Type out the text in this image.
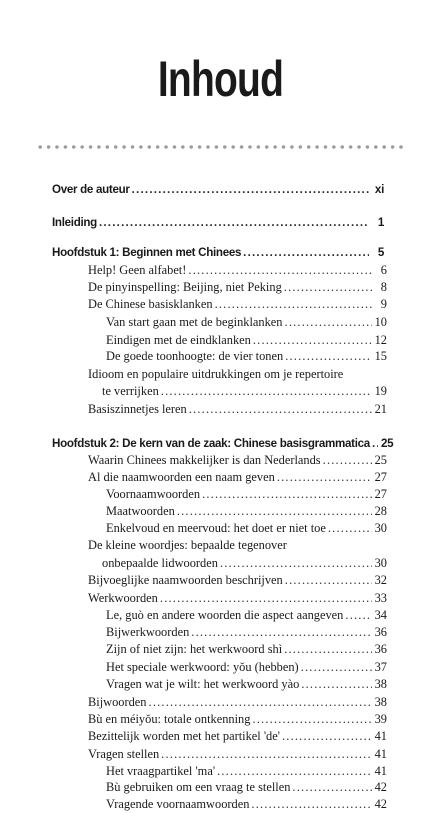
Inhoud
Over de auteur .....	xi
Inleiding .....	1
Hoofdstuk 1: Beginnen met Chinees .....	5
Help! Geen alfabet! .....	6
De pinyinspelling: Beijing, niet Peking .....	8
De Chinese basisklanken .....	9
Van start gaan met de beginklanken .....	10
Eindigen met de eindklanken .....	12
De goede toonhoogte: de vier tonen .....	15
Idioom en populaire uitdrukkingen om je repertoire
te verrijken .....	19
Basiszinnetjes leren .....	21
Hoofdstuk 2: De kern van de zaak: Chinese basisgrammatica ..... 25
Waarin Chinees makkelijker is dan Nederlands .....	25
Al die naamwoorden een naam geven .....	27
Voornaamwoorden .....	27
Maatwoorden .....	28
Enkelvoud en meervoud: het doet er niet toe .....	30
De kleine woordjes: bepaalde tegenover
onbepaalde lidwoorden .....	30
Bijvoeglijke naamwoorden beschrijven .....	32
Werkwoorden .....	33
Le, guò en andere woorden die aspect aangeven .....	34
Bijwerkwoorden .....	36
Zijn of niet zijn: het werkwoord shì .....	36
Het speciale werkwoord: yǒu (hebben) .....	37
Vragen wat je wilt: het werkwoord yào .....	38
Bijwoorden .....	38
Bù en méiyǒu: totale ontkenning .....	39
Bezittelijk worden met het partikel 'de' .....	41
Vragen stellen .....	41
Het vraagpartikel 'ma' .....	41
Bù gebruiken om een vraag te stellen .....	42
Vragende voornaamwoorden .....	42
